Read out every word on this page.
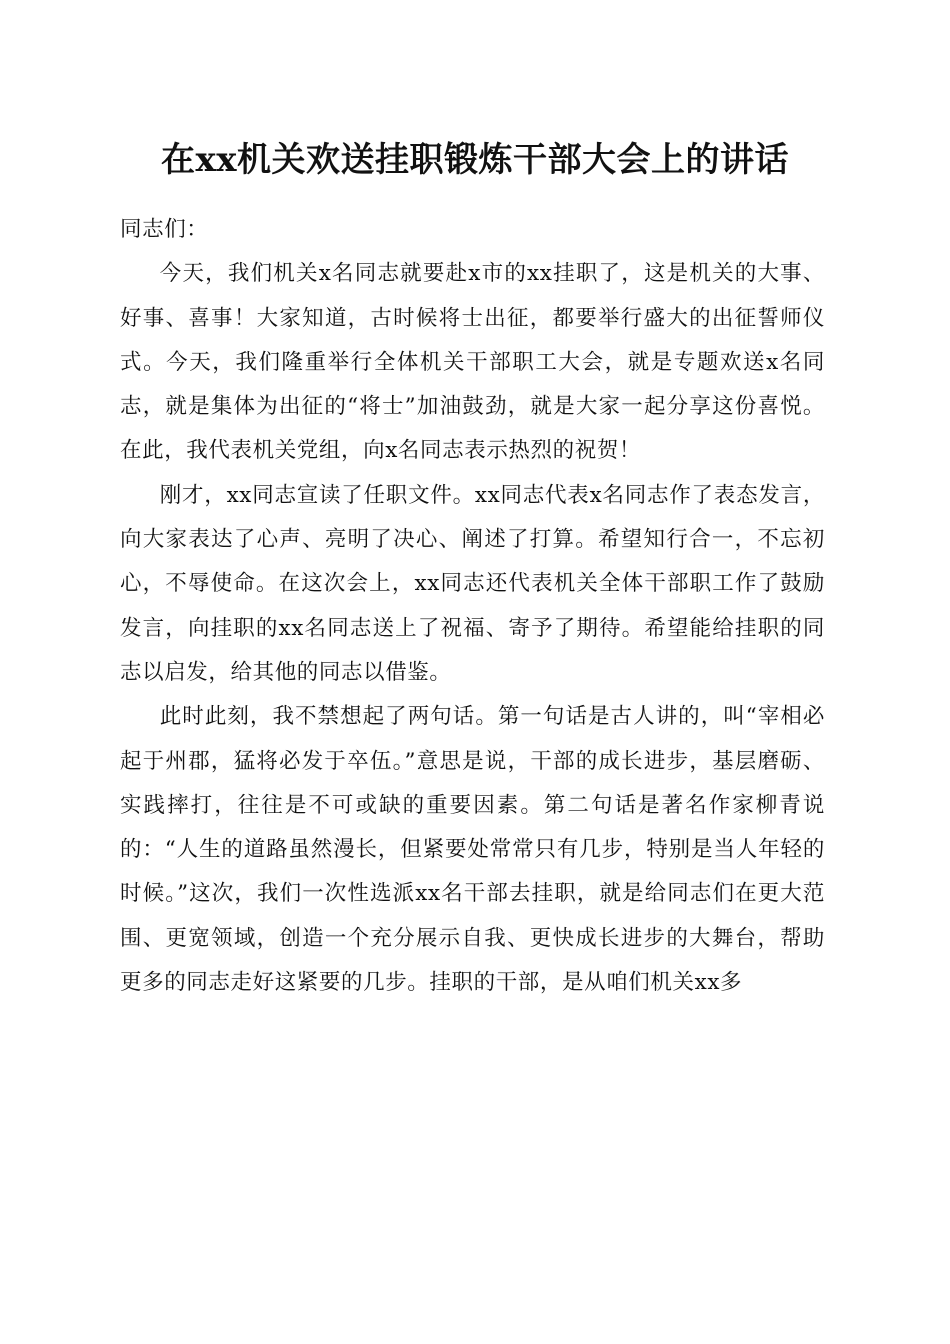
在xx机关欢送挂职锻炼干部大会上的讲话

同志们：

今天，我们机关x名同志就要赴x市的xx挂职了，这是机关的大事、好事、喜事！大家知道，古时候将士出征，都要举行盛大的出征誓师仪式。今天，我们隆重举行全体机关干部职工大会，就是专题欢送x名同志，就是集体为出征的“将士”加油鼓劲，就是大家一起分享这份喜悦。在此，我代表机关党组，向x名同志表示热烈的祝贺！

刚才，xx同志宣读了任职文件。xx同志代表x名同志作了表态发言，向大家表达了心声、亮明了决心、阐述了打算。希望知行合一，不忘初心，不辱使命。在这次会上，xx同志还代表机关全体干部职工作了鼓励发言，向挂职的xx名同志送上了祝福、寄予了期待。希望能给挂职的同志以启发，给其他的同志以借鉴。

此时此刻，我不禁想起了两句话。第一句话是古人讲的，叫“宰相必起于州郡，猛将必发于卒伍。”意思是说，干部的成长进步，基层磨砺、实践摔打，往往是不可或缺的重要因素。第二句话是著名作家柳青说的：“人生的道路虽然漫长，但紧要处常常只有几步，特别是当人年轻的时候。”这次，我们一次性选派xx名干部去挂职，就是给同志们在更大范围、更宽领域，创造一个充分展示自我、更快成长进步的大舞台，帮助更多的同志走好这紧要的几步。挂职的干部，是从咱们机关xx多
